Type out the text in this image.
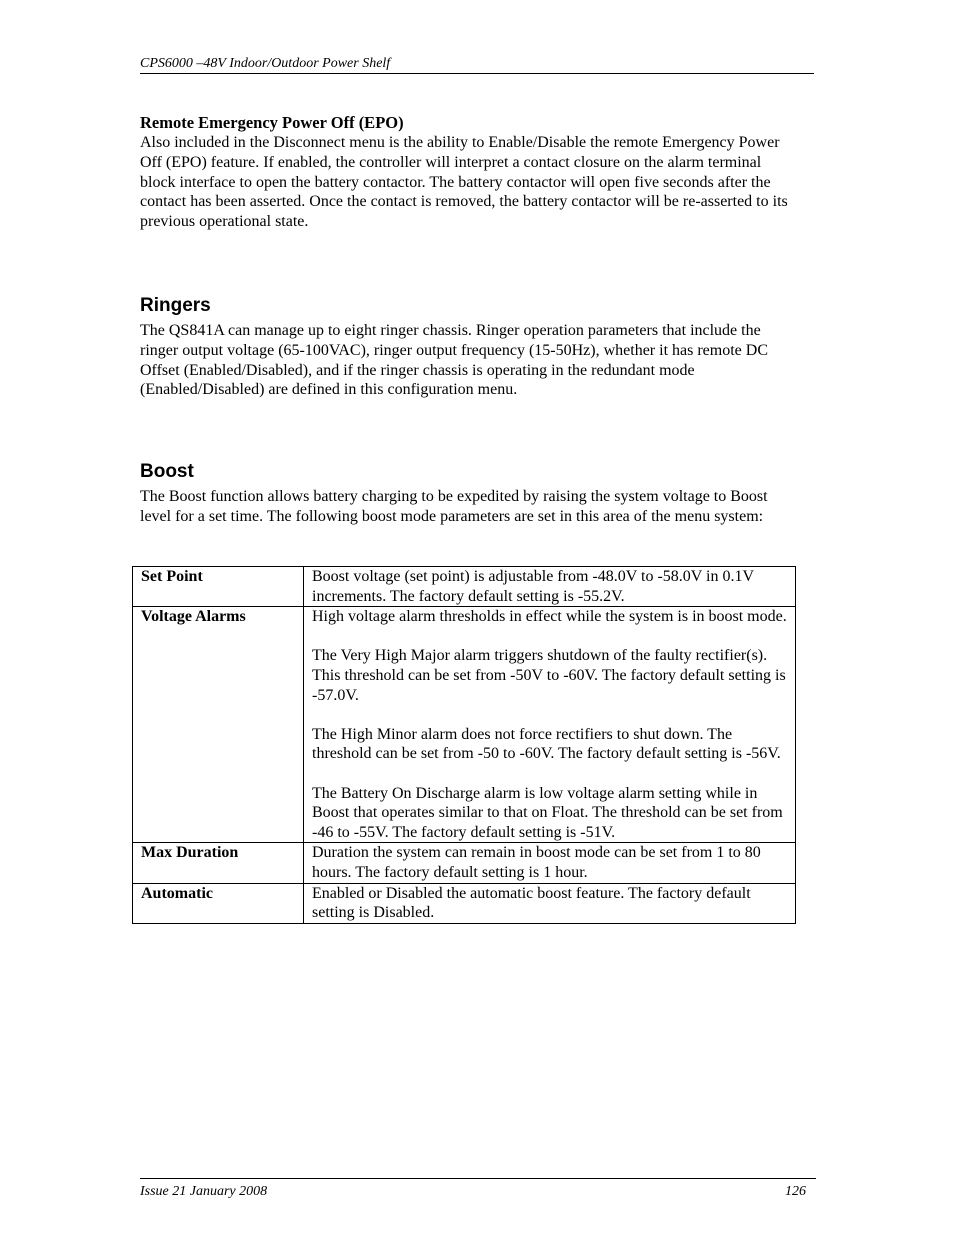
CPS6000 –48V Indoor/Outdoor Power Shelf

Remote Emergency Power Off (EPO)

Also included in the Disconnect menu is the ability to Enable/Disable the remote Emergency Power Off (EPO) feature. If enabled, the controller will interpret a contact closure on the alarm terminal block interface to open the battery contactor. The battery contactor will open five seconds after the contact has been asserted. Once the contact is removed, the battery contactor will be re-asserted to its previous operational state.

Ringers

The QS841A can manage up to eight ringer chassis. Ringer operation parameters that include the ringer output voltage (65-100VAC), ringer output frequency (15-50Hz), whether it has remote DC Offset (Enabled/Disabled), and if the ringer chassis is operating in the redundant mode (Enabled/Disabled) are defined in this configuration menu.

Boost

The Boost function allows battery charging to be expedited by raising the system voltage to Boost level for a set time. The following boost mode parameters are set in this area of the menu system:

Set Point	Boost voltage (set point) is adjustable from -48.0V to -58.0V in 0.1V increments. The factory default setting is -55.2V.

Voltage Alarms	High voltage alarm thresholds in effect while the system is in boost mode.

The Very High Major alarm triggers shutdown of the faulty rectifier(s). This threshold can be set from -50V to -60V. The factory default setting is -57.0V.

The High Minor alarm does not force rectifiers to shut down. The threshold can be set from -50 to -60V. The factory default setting is -56V.

The Battery On Discharge alarm is low voltage alarm setting while in Boost that operates similar to that on Float. The threshold can be set from -46 to -55V. The factory default setting is -51V.

Max Duration	Duration the system can remain in boost mode can be set from 1 to 80 hours. The factory default setting is 1 hour.

Automatic	Enabled or Disabled the automatic boost feature. The factory default setting is Disabled.

Issue 21 January 2008	126
